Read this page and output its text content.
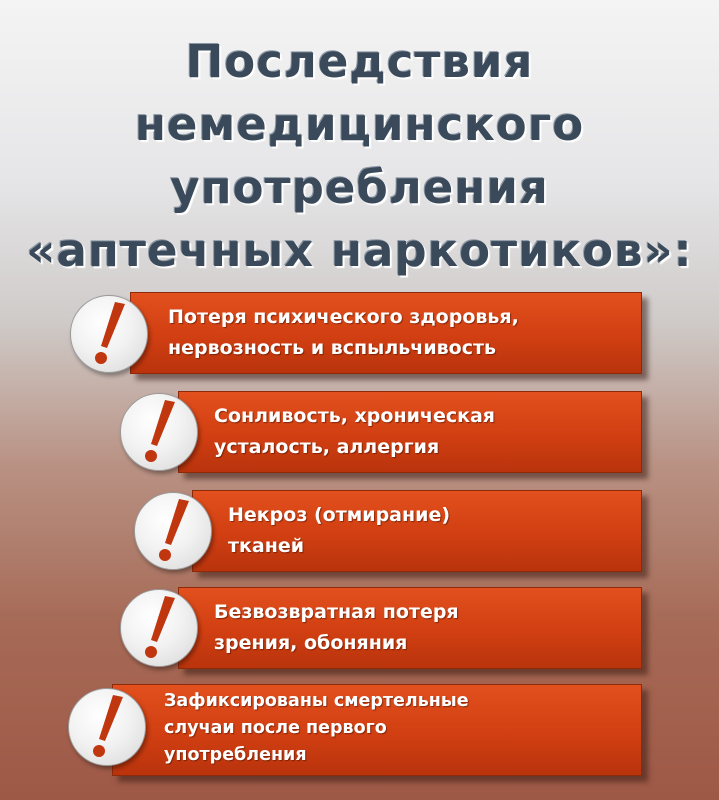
Последствия
немедицинского
употребления
«аптечных наркотиков»:
Потеря психического здоровья,
нервозность и вспыльчивость
Сонливость, хроническая
усталость, аллергия
Некроз (отмирание)
тканей
Безвозвратная потеря
зрения, обоняния
Зафиксированы смертельные
случаи после первого
употребления
